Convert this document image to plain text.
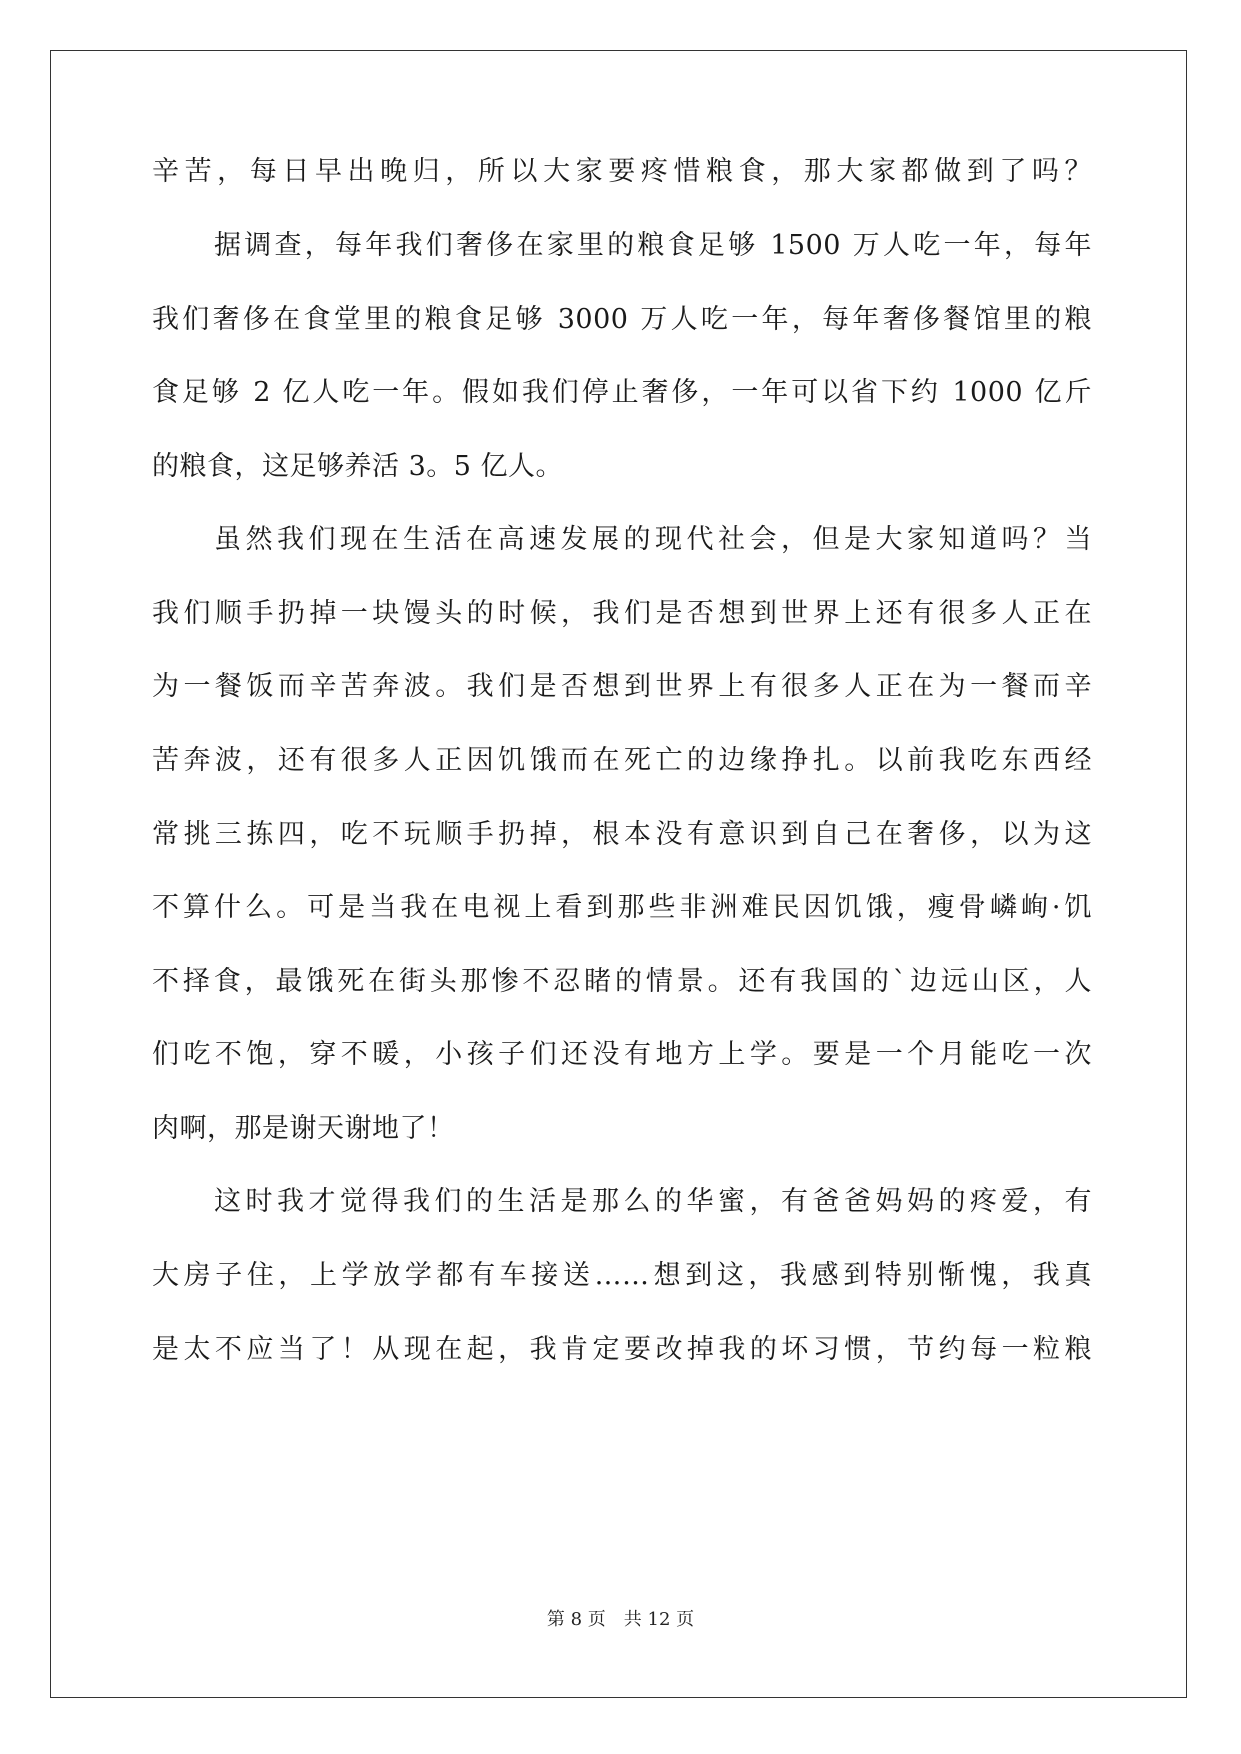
辛苦，每日早出晚归，所以大家要疼惜粮食，那大家都做到了吗？
据调查，每年我们奢侈在家里的粮食足够 1500 万人吃一年，每年
我们奢侈在食堂里的粮食足够 3000 万人吃一年，每年奢侈餐馆里的粮
食足够 2 亿人吃一年。假如我们停止奢侈，一年可以省下约 1000 亿斤
的粮食，这足够养活 3。5 亿人。
虽然我们现在生活在高速发展的现代社会，但是大家知道吗？当
我们顺手扔掉一块馒头的时候，我们是否想到世界上还有很多人正在
为一餐饭而辛苦奔波。我们是否想到世界上有很多人正在为一餐而辛
苦奔波，还有很多人正因饥饿而在死亡的边缘挣扎。以前我吃东西经
常挑三拣四，吃不玩顺手扔掉，根本没有意识到自己在奢侈，以为这
不算什么。可是当我在电视上看到那些非洲难民因饥饿，瘦骨嶙峋·饥
不择食，最饿死在街头那惨不忍睹的情景。还有我国的`边远山区，人
们吃不饱，穿不暖，小孩子们还没有地方上学。要是一个月能吃一次
肉啊，那是谢天谢地了！
这时我才觉得我们的生活是那么的华蜜，有爸爸妈妈的疼爱，有
大房子住，上学放学都有车接送……想到这，我感到特别惭愧，我真
是太不应当了！从现在起，我肯定要改掉我的坏习惯，节约每一粒粮
第 8 页　共 12 页
